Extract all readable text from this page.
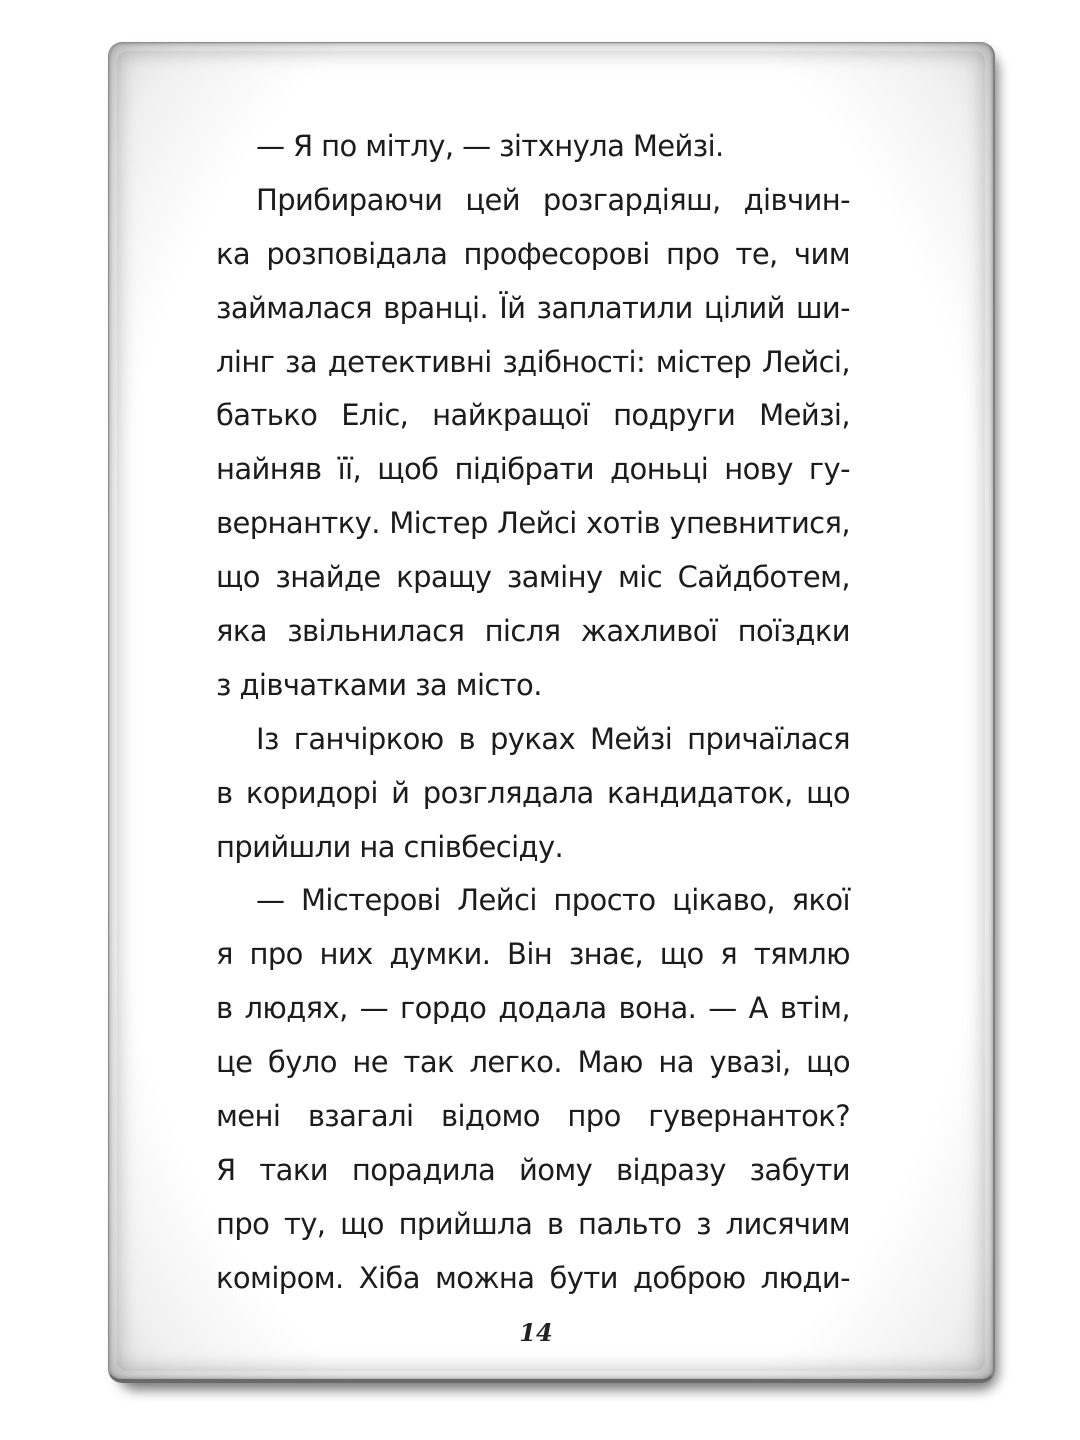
— Я по мітлу, — зітхнула Мейзі.
Прибираючи цей розгардіяш, дівчин-
ка розповідала професорові про те, чим
займалася вранці. Їй заплатили цілий ши-
лінг за детективні здібності: містер Лейсі,
батько Еліс, найкращої подруги Мейзі,
найняв її, щоб підібрати доньці нову гу-
вернантку. Містер Лейсі хотів упевнитися,
що знайде кращу заміну міс Сайдботем,
яка звільнилася після жахливої поїздки
з дівчатками за місто.
Із ганчіркою в руках Мейзі причаїлася
в коридорі й розглядала кандидаток, що
прийшли на співбесіду.
— Містерові Лейсі просто цікаво, якої
я про них думки. Він знає, що я тямлю
в людях, — гордо додала вона. — А втім,
це було не так легко. Маю на увазі, що
мені взагалі відомо про гувернанток?
Я таки порадила йому відразу забути
про ту, що прийшла в пальто з лисячим
коміром. Хіба можна бути доброю люди-
14
